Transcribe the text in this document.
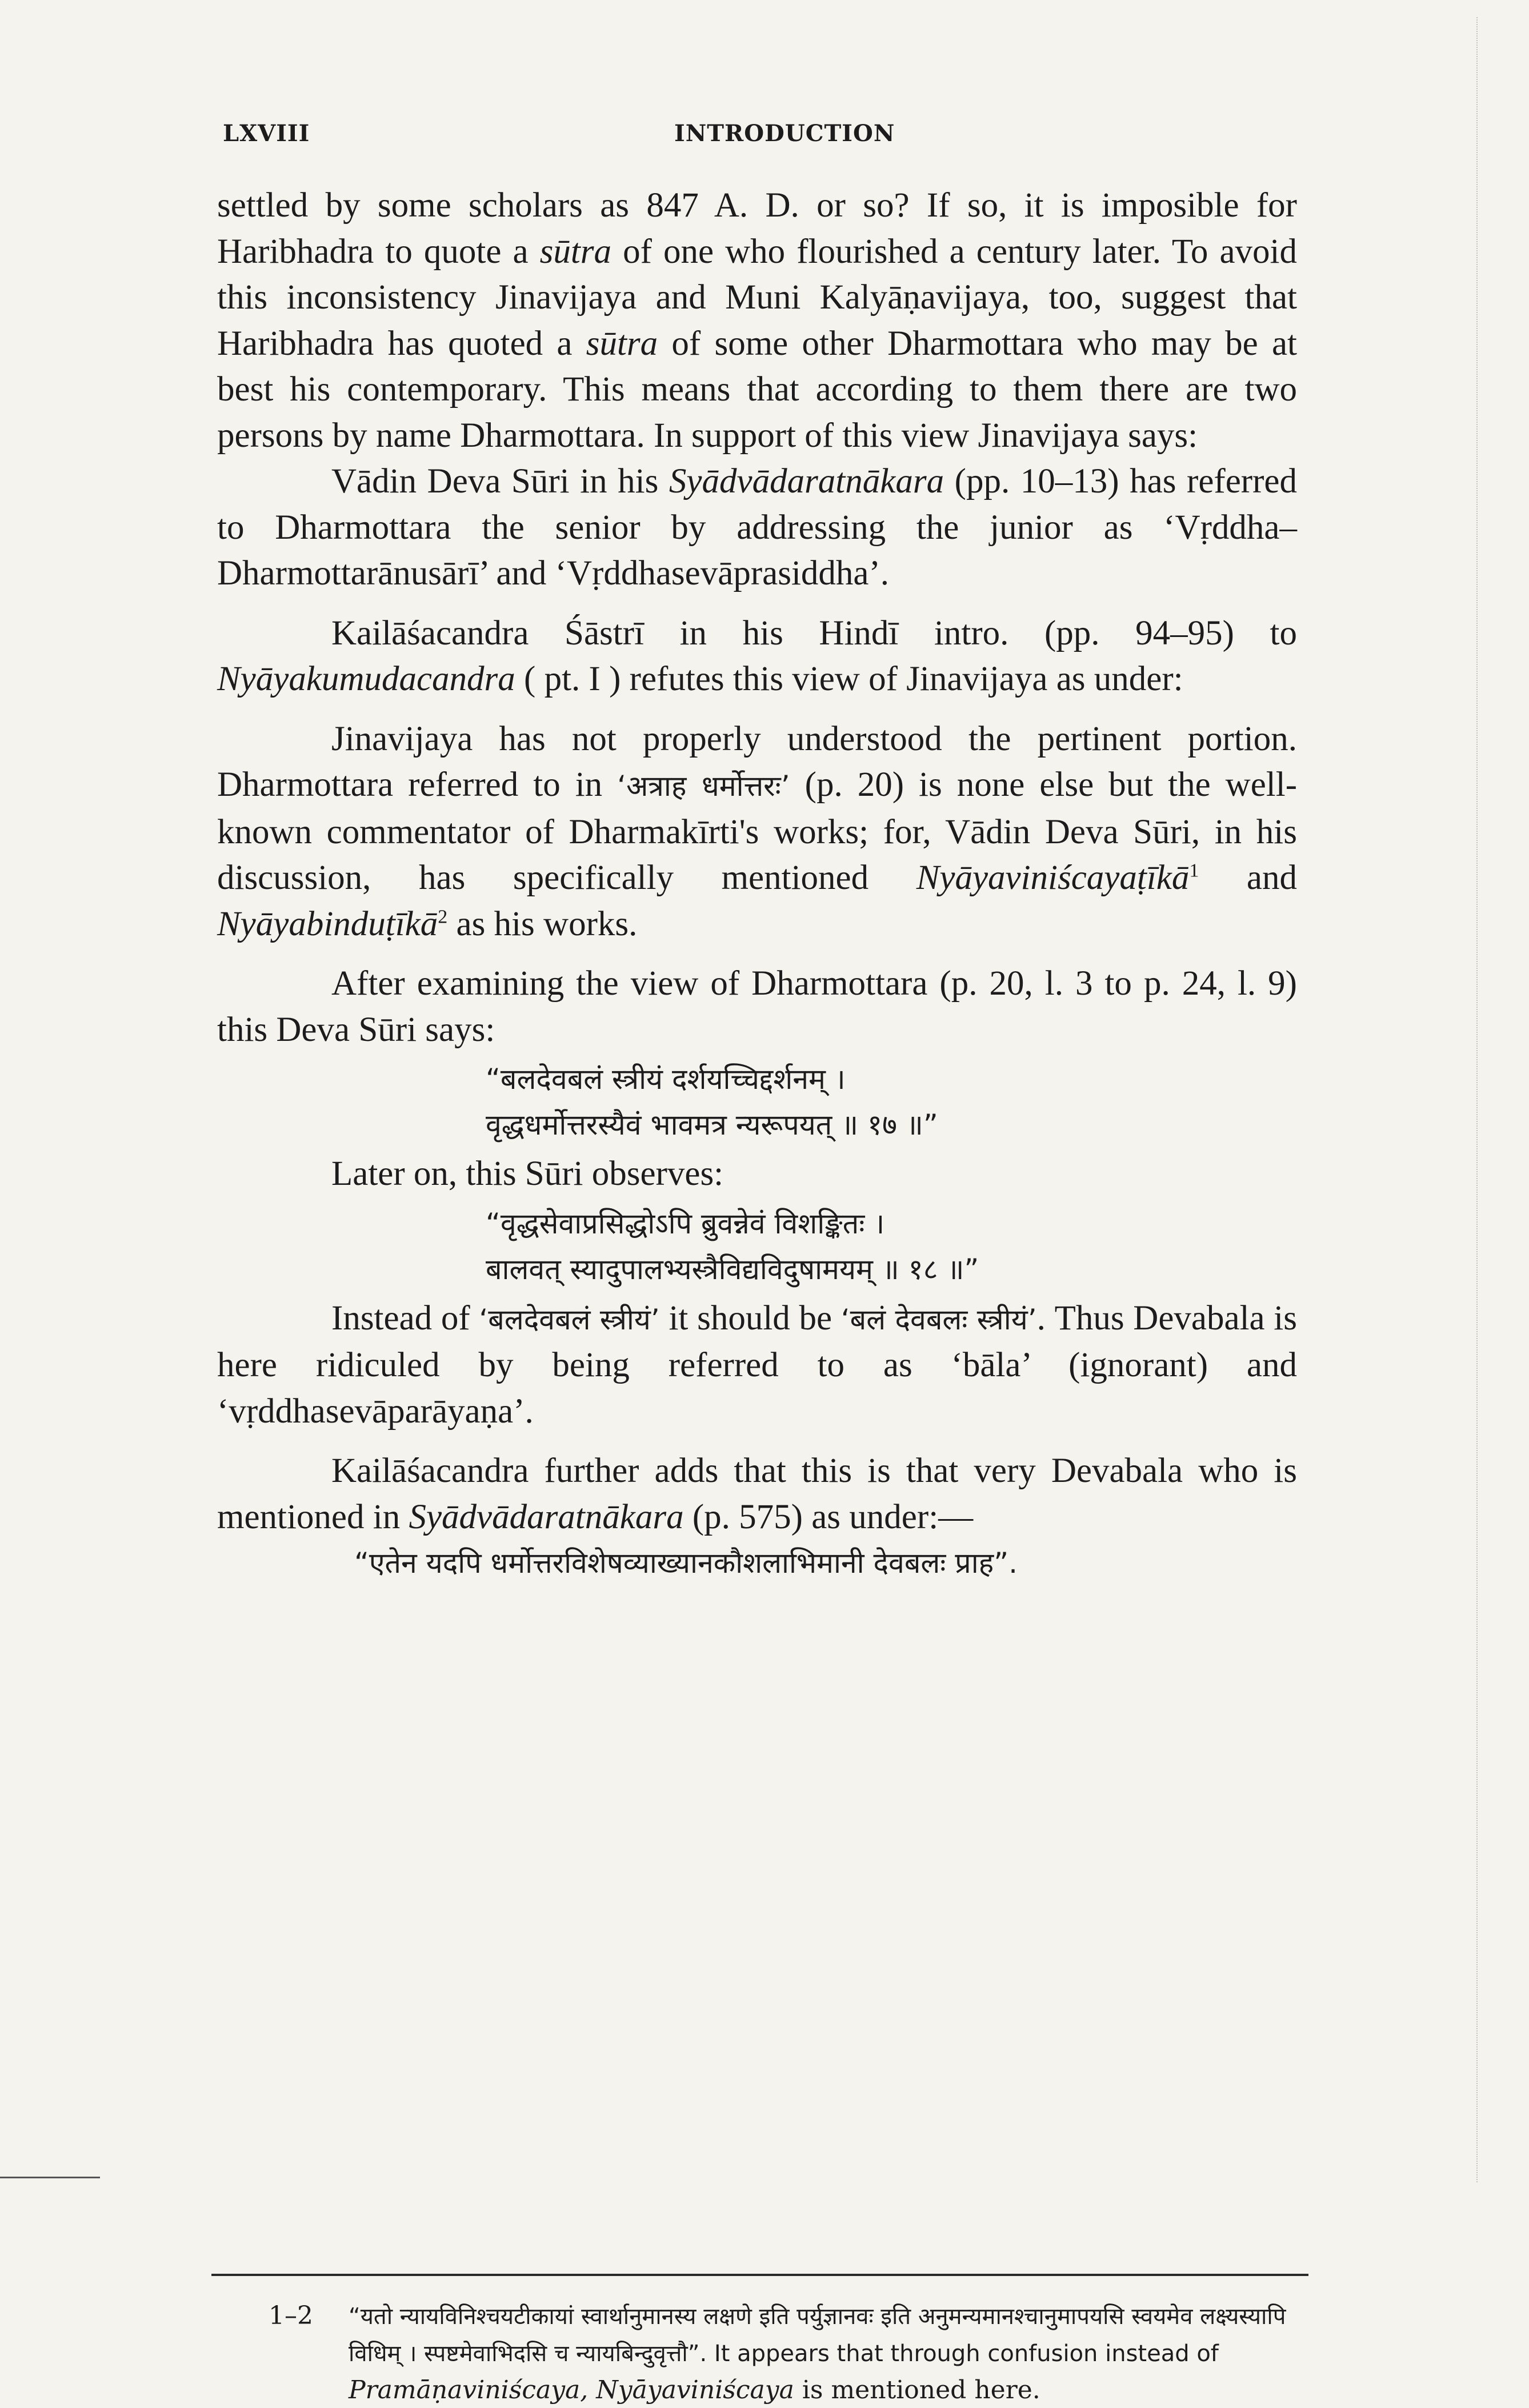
LXVIII	INTRODUCTION

settled by some scholars as 847 A. D. or so? If so, it is imposible for Haribhadra to quote a sūtra of one who flourished a century later. To avoid this inconsistency Jinavijaya and Muni Kalyāṇavijaya, too, suggest that Haribhadra has quoted a sūtra of some other Dharmottara who may be at best his contemporary. This means that according to them there are two persons by name Dharmottara. In support of this view Jinavijaya says:

Vādin Deva Sūri in his Syādvādaratnākara (pp. 10–13) has referred to Dharmottara the senior by addressing the junior as ‘Vṛddha–Dharmottarānusārī’ and ‘Vṛddhasevāprasiddha’.

Kailāśacandra Śāstrī in his Hindī intro. (pp. 94–95) to Nyāyakumudacandra ( pt. I ) refutes this view of Jinavijaya as under:

Jinavijaya has not properly understood the pertinent portion. Dharmottara referred to in ‘अत्राह धर्मोत्तरः’ (p. 20) is none else but the well-known commentator of Dharmakīrti's works; for, Vādin Deva Sūri, in his discussion, has specifically mentioned Nyāyaviniścayaṭīkā$^1$ and Nyāyabinduṭīkā$^2$ as his works.

After examining the view of Dharmottara (p. 20, l. 3 to p. 24, l. 9) this Deva Sūri says:

“बलदेवबलं स्त्रीयं दर्शयच्चिद्दर्शनम् ।
वृद्धधर्मोत्तरस्यैवं भावमत्र न्यरूपयत् ॥ १७ ॥”

Later on, this Sūri observes:

“वृद्धसेवाप्रसिद्धोऽपि ब्रुवन्नेवं विशङ्कितः ।
बालवत् स्यादुपालभ्यस्त्रैविद्यविदुषामयम् ॥ १८ ॥”

Instead of ‘बलदेवबलं स्त्रीयं’ it should be ‘बलं देवबलः स्त्रीयं’. Thus Devabala is here ridiculed by being referred to as ‘bāla’ (ignorant) and ‘vṛddhasevāparāyaṇa’.

Kailāśacandra further adds that this is that very Devabala who is mentioned in Syādvādaratnākara (p. 575) as under:—

“एतेन यदपि धर्मोत्तरविशेषव्याख्यानकौशलाभिमानी देवबलः प्राह”.

1–2 “यतो न्यायविनिश्चयटीकायां स्वार्थानुमानस्य लक्षणे इति पर्युज्ञानवः इति अनुमन्यमानश्चानुमापयसि स्वयमेव लक्ष्यस्यापि विधिम् । स्पष्टमेवाभिदसि च न्यायबिन्दुवृत्तौ”. It appears that through confusion instead of Pramāṇaviniścaya, Nyāyaviniścaya is mentioned here.
